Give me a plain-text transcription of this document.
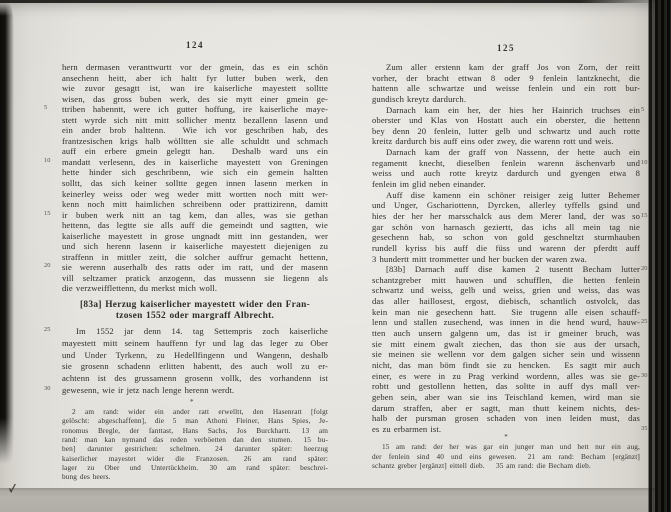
124	125
hern dermasen veranttwurtt vor der gmein, das es ein schön
ansechenn heitt, aber ich haltt fyr lutter buben werk, den
wie zuvor gesagtt ist, wan ire kaiserliche mayestett solltte
wisen, das gross buben werk, des sie mytt einer gmein ge-
5	ttriben habenntt, were ich gutter hoffung, ire kaiserliche maye-
stett wyrde sich nitt mitt sollicher mentz bezallenn lasenn und
ein ander brob halttenn.  Wie ich vor geschriben hab, des
frantzesischen krigs halb wölltten sie alle schuldtt und schmach
auff ein erbere gmein gelegtt han.  Deshalb ward uns ein
10	mandatt verlesenn, des in kaiserliche mayestett von Greningen
hette hinder sich geschribenn, wie sich ein gemein haltten
solltt, das sich keiner solltte gegen innen lasenn merken in
keinerley weiss oder weg weder mitt wortten noch mitt wer-
kenn noch mitt haimlichen schreibenn oder prattizirenn, damitt
15	ir buben werk nitt an tag kem, dan alles, was sie gethan
hettenn, das legtte sie alls auff die gemeindt und sagtten, wie
kaiserliche mayestett in grose ungnadt mitt inn gestanden, wer
und sich herenn lasenn ir kaiserliche mayestett diejenigen zu
straffenn in mittler zeitt, die solcher auffrur gemacht hettenn,
20	sie werenn auserhalb des ratts oder im ratt, und der masenn
vill seltzamer pratick anzogenn, das mussenn sie liegenn als
die verzweifflettenn, du merkst mich woll.
[83a] Herzug kaiserlicher mayestett wider den Fran-
tzosen 1552 oder margraff Albrecht.
25	Im 1552 jar denn 14. tag Settempris zoch kaiserliche
mayestett mitt seinem hauffenn fyr und lag das leger zu Ober
und Under Tyrkenn, zu Hedellfingenn und Wangenn, deshalb
sie grosenn schadenn erlitten habentt, des auch woll zu er-
achtenn ist des grussamenn grosenn vollk, des vorhandenn ist
30	gewesenn, wie ir jetz nach lenge herenn werdt.
*
2 am rand: wider ein ander ratt erwelltt, den Hasenratt [folgt
gelöscht: abgeschaffenn], die 5 man Athoni Fleiner, Hans Spies, Je-
ronomus Bregle, der fanttast, Hans Sachs, Jos Burckhartt.  13 am
rand: man kan nymand das reden verböetten dan den stumen.  15 bu-
ben] darunter gestrichen: schelmen.  24 darunter später: heerzug
kaiserlicher mayestet wider die Franzosen.  26 am rand später:
lager zu Ober und Untertückheim.  30 am rand später: beschrei-
bung des heers.
Zum aller erstenn kam der graff Jos von Zorn, der reitt
vorher, der bracht ettwan 8 oder 9 fenlein lantzknecht, die
hattenn alle schwartze und weisse fenlein und ein rott bur-
gundisch kreytz dardurch.
5
Darnach kam ein her, der hies her Hainrich truchses ein
oberster und Klas von Hostatt auch ein oberster, die hettenn
bey denn 20 fenlein, lutter gelb und schwartz und auch rotte
kreitz dardurch bis auff eins oder zwey, die warenn rott und weis.
Darnach kam der graff von Nassenn, der hette auch ein
10
regamentt knecht, dieselben fenlein warenn äschenvarb und
weiss und auch rotte kreytz dardurch und gyengen etwa 8
fenlein im glid neben einander.
Auff dise kamenn ein schöner reisiger zeig lutter Behemer
und Unger, Gschariottenn, Dyrcken, allerley tyffells gsind und
15
hies der her her marsschalck aus dem Merer land, der was so
gar schön von harnasch geziertt, das ichs all mein tag nie
gesechenn hab, so schon von gold geschneltzt sturmhauben
rundell kyriss bis auff die füss und warenn der pferdtt auff
3 hundertt mitt trommetter und her bucken der waren zwa.
20
[83b] Darnach auff dise kamen 2 tusentt Becham lutter
schantzgreber mitt hauwen und schufflen, die hetten fenlein
schwartz und weiss, gelb und weiss, grien und weiss, das was
das aller haillosest, ergost, diebisch, schantlich ostvolck, das
kein man nie gesechenn hatt.  Sie trugenn alle eisen schauff-
25
lenn und stallen zusechend, was innen in die hend wurd, hauw-
tten auch unsern galgenn um, das ist ir gmeiner bruch, was
sie mitt einem gwalt ziechen, das thon sie aus der ursach,
sie meinen sie wellenn vor dem galgen sicher sein und wissenn
nicht, das man böm findt sie zu hencken.  Es sagtt mir auch
30
einer, es were in zu Prag verkind wordenn, alles was sie ge-
robtt und gestollenn hetten, das soltte in auff dys mall ver-
geben sein, aber wan sie ins Teischland kemen, wird man sie
darum straffen, aber er sagtt, man thutt keinem nichts, des-
halb der pursman grosen schaden von inen leiden must, das
35
es zu erbarmen ist.
*
15 am rand: der her was gar ein junger man und hett nur ein aug,
der fenlein sind 40 und eins gewesen.  21 am rand: Becham [ergänzt]
schantz greber [ergänzt] eittell dieb.  35 am rand: die Becham dieb.
